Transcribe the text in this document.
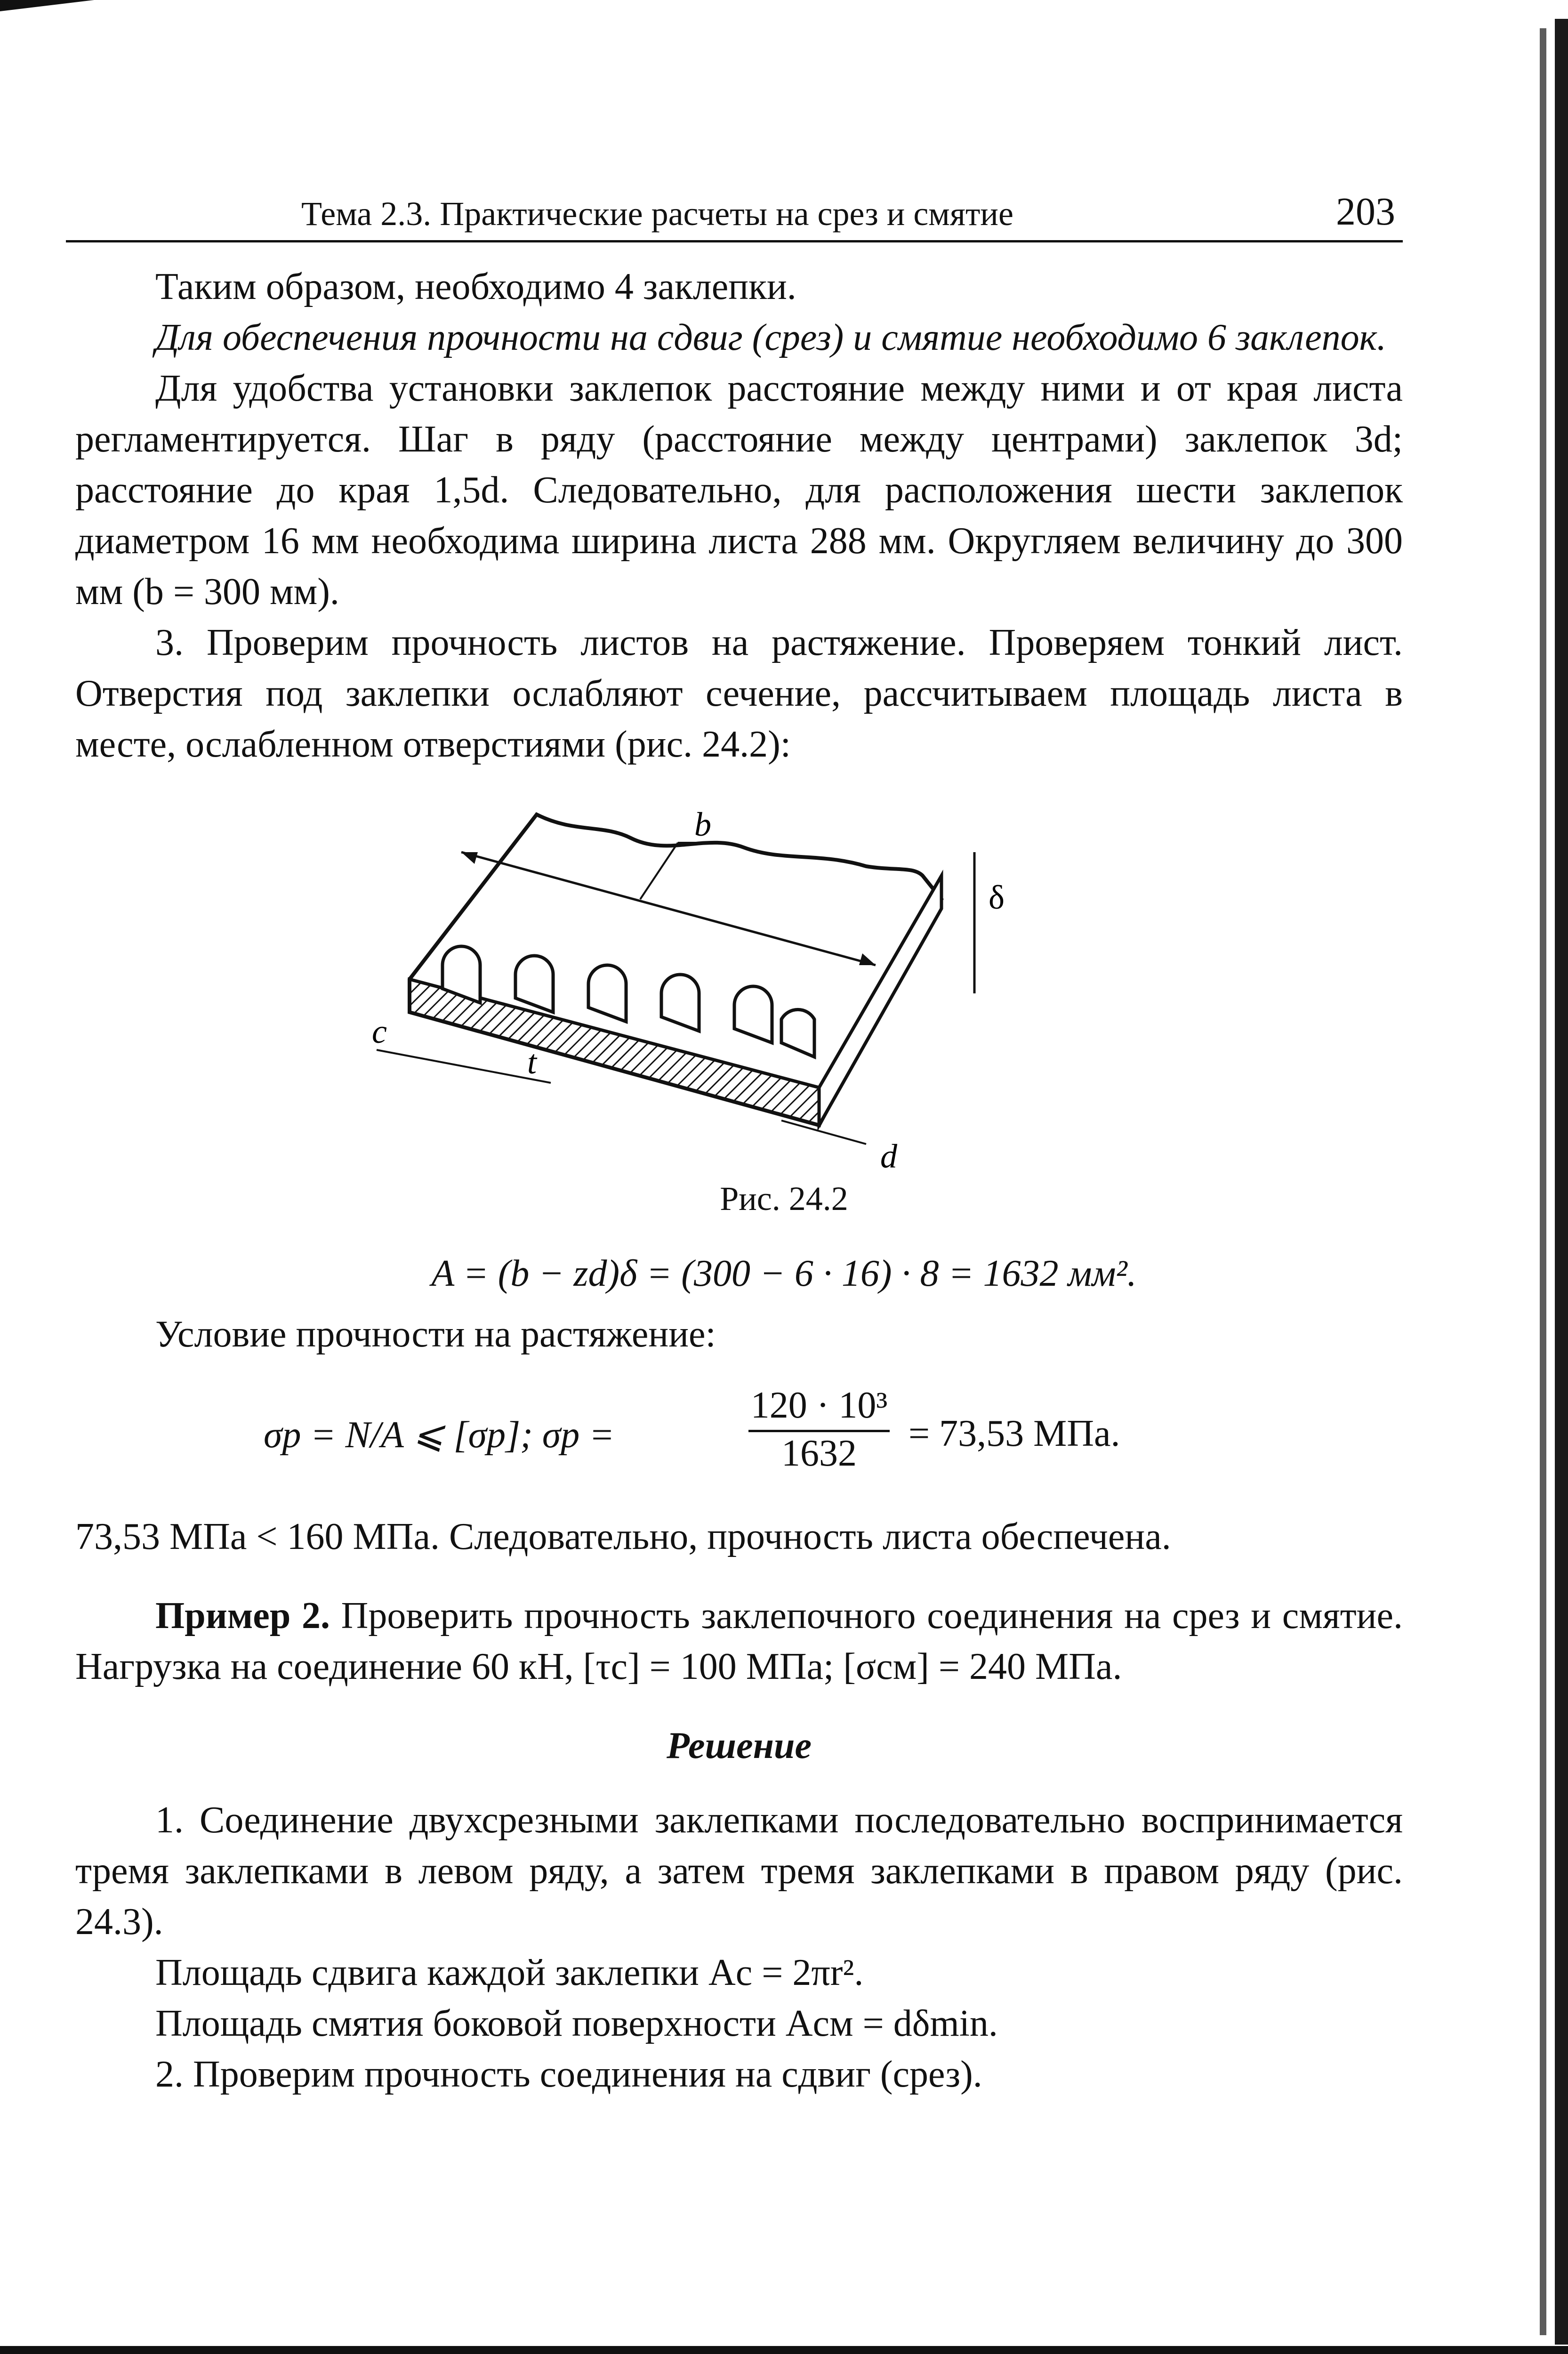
Тема 2.3. Практические расчеты на срез и смятие	203

Таким образом, необходимо 4 заклепки.

Для обеспечения прочности на сдвиг (срез) и смятие необходимо 6 заклепок.

Для удобства установки заклепок расстояние между ними и от края листа регламентируется. Шаг в ряду (расстояние между центрами) заклепок 3d; расстояние до края 1,5d. Следовательно, для расположения шести заклепок диаметром 16 мм необходима ширина листа 288 мм. Округляем величину до 300 мм (b = 300 мм).

3. Проверим прочность листов на растяжение. Проверяем тонкий лист. Отверстия под заклепки ослабляют сечение, рассчитываем площадь листа в месте, ослабленном отверстиями (рис. 24.2):

b
δ
c
t
d
Рис. 24.2
A = (b − zd)δ = (300 − 6 · 16) · 8 = 1632 мм².

Условие прочности на растяжение:

σр = N/A ⩽ [σр]; σр =	$\frac{\text{120 · 10³}}{1632} = 73,53$ МПа.

73,53 МПа < 160 МПа. Следовательно, прочность листа обеспечена.

Пример 2. Проверить прочность заклепочного соединения на срез и смятие. Нагрузка на соединение 60 кН, [τс] = 100 МПа; [σсм] = 240 МПа.

Решение

1. Соединение двухсрезными заклепками последовательно воспринимается тремя заклепками в левом ряду, а затем тремя заклепками в правом ряду (рис. 24.3).

Площадь сдвига каждой заклепки Aс = 2πr².

Площадь смятия боковой поверхности Aсм = dδmin.

2. Проверим прочность соединения на сдвиг (срез).
